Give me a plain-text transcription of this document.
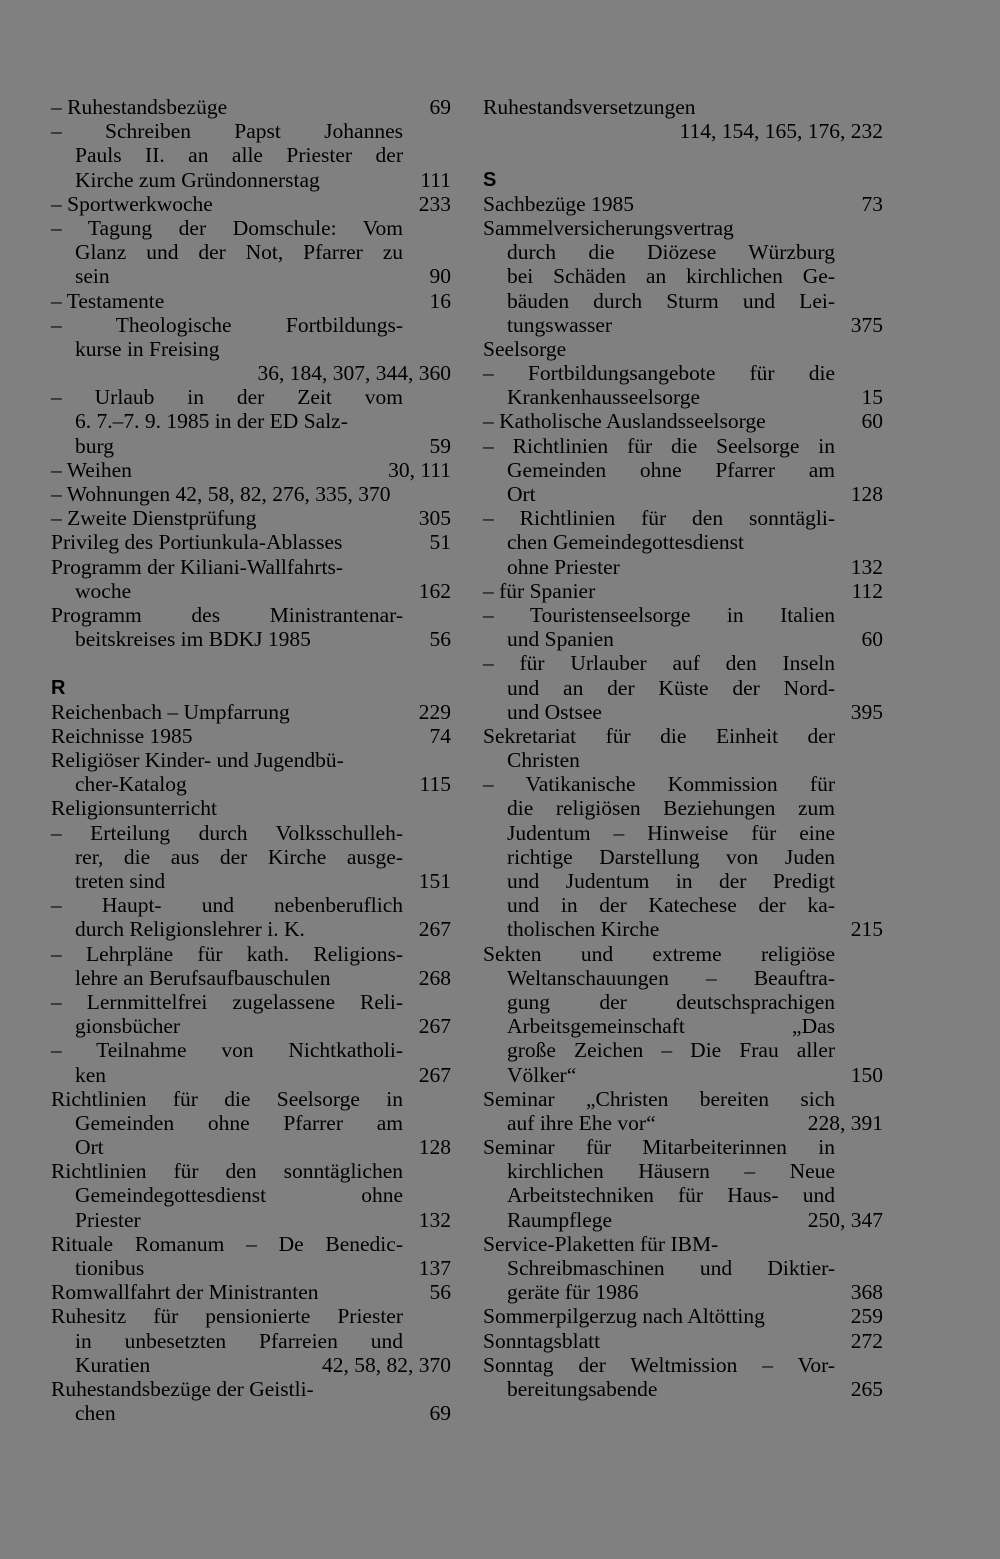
– Ruhestandsbezüge	69
– Schreiben Papst Johannes
Pauls II. an alle Priester der
Kirche zum Gründonnerstag	111
– Sportwerkwoche	233
– Tagung der Domschule: Vom
Glanz und der Not, Pfarrer zu
sein	90
– Testamente	16
– Theologische Fortbildungs-
kurse in Freising
36, 184, 307, 344, 360
– Urlaub in der Zeit vom
6. 7.–7. 9. 1985 in der ED Salz-
burg	59
– Weihen	30, 111
– Wohnungen 42, 58, 82, 276, 335, 370
– Zweite Dienstprüfung	305
Privileg des Portiunkula-Ablasses	51
Programm der Kiliani-Wallfahrts-
woche	162
Programm des Ministrantenar-
beitskreises im BDKJ 1985	56
R
Reichenbach – Umpfarrung	229
Reichnisse 1985	74
Religiöser Kinder- und Jugendbü-
cher-Katalog	115
Religionsunterricht
– Erteilung durch Volksschulleh-
rer, die aus der Kirche ausge-
treten sind	151
– Haupt- und nebenberuflich
durch Religionslehrer i. K.	267
– Lehrpläne für kath. Religions-
lehre an Berufsaufbauschulen	268
– Lernmittelfrei zugelassene Reli-
gionsbücher	267
– Teilnahme von Nichtkatholi-
ken	267
Richtlinien für die Seelsorge in
Gemeinden ohne Pfarrer am
Ort	128
Richtlinien für den sonntäglichen
Gemeindegottesdienst ohne
Priester	132
Rituale Romanum – De Benedic-
tionibus	137
Romwallfahrt der Ministranten	56
Ruhesitz für pensionierte Priester
in unbesetzten Pfarreien und
Kuratien	42, 58, 82, 370
Ruhestandsbezüge der Geistli-
chen	69
Ruhestandsversetzungen
114, 154, 165, 176, 232
S
Sachbezüge 1985	73
Sammelversicherungsvertrag
durch die Diözese Würzburg
bei Schäden an kirchlichen Ge-
bäuden durch Sturm und Lei-
tungswasser	375
Seelsorge
– Fortbildungsangebote für die
Krankenhausseelsorge	15
– Katholische Auslandsseelsorge	60
– Richtlinien für die Seelsorge in
Gemeinden ohne Pfarrer am
Ort	128
– Richtlinien für den sonntägli-
chen Gemeindegottesdienst
ohne Priester	132
– für Spanier	112
– Touristenseelsorge in Italien
und Spanien	60
– für Urlauber auf den Inseln
und an der Küste der Nord-
und Ostsee	395
Sekretariat für die Einheit der
Christen
– Vatikanische Kommission für
die religiösen Beziehungen zum
Judentum – Hinweise für eine
richtige Darstellung von Juden
und Judentum in der Predigt
und in der Katechese der ka-
tholischen Kirche	215
Sekten und extreme religiöse
Weltanschauungen – Beauftra-
gung der deutschsprachigen
Arbeitsgemeinschaft „Das
große Zeichen – Die Frau aller
Völker“	150
Seminar „Christen bereiten sich
auf ihre Ehe vor“	228, 391
Seminar für Mitarbeiterinnen in
kirchlichen Häusern – Neue
Arbeitstechniken für Haus- und
Raumpflege	250, 347
Service-Plaketten für IBM-
Schreibmaschinen und Diktier-
geräte für 1986	368
Sommerpilgerzug nach Altötting	259
Sonntagsblatt	272
Sonntag der Weltmission – Vor-
bereitungsabende	265
